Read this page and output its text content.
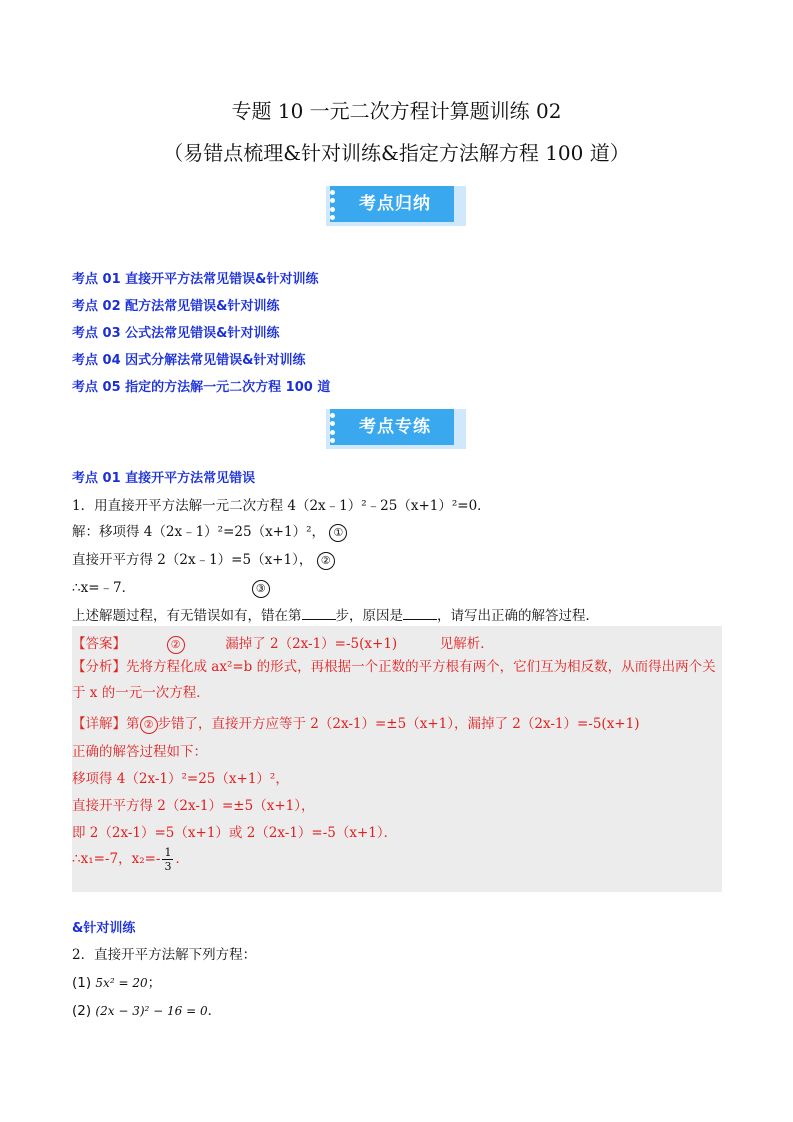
专题 10 一元二次方程计算题训练 02
（易错点梳理&针对训练&指定方法解方程 100 道）
考点归纳
考点 01 直接开平方法常见错误&针对训练
考点 02 配方法常见错误&针对训练
考点 03 公式法常见错误&针对训练
考点 04 因式分解法常见错误&针对训练
考点 05 指定的方法解一元二次方程 100 道
考点专练
考点 01 直接开平方法常见错误
1．用直接开平方法解一元二次方程 4（2x﹣1）²﹣25（x+1）²=0．
解：移项得 4（2x﹣1）²=25（x+1）²， ①
直接开平方得 2（2x﹣1）=5（x+1）， ②
∴x=﹣7．	③
上述解题过程，有无错误如有，错在第	步，原因是	，请写出正确的解答过程．
【答案】	②	漏掉了 2（2x-1）=-5(x+1)	见解析．
【分析】先将方程化成 ax²=b 的形式，再根据一个正数的平方根有两个，它们互为相反数，从而得出两个关于 x 的一元一次方程．
【详解】第 ② 步错了，直接开方应等于 2（2x-1）=±5（x+1），漏掉了 2（2x-1）=-5(x+1)
正确的解答过程如下：
移项得 4（2x-1）²=25（x+1）²，
直接开平方得 2（2x-1）=±5（x+1），
即 2（2x-1）=5（x+1）或 2（2x-1）=-5（x+1）．
∴x₁=-7，$x_2=- \frac{1}{3}$ ．
&针对训练
2．直接开平方法解下列方程：
(1) 5x² = 20；
(2) (2x − 3)² − 16 = 0．
